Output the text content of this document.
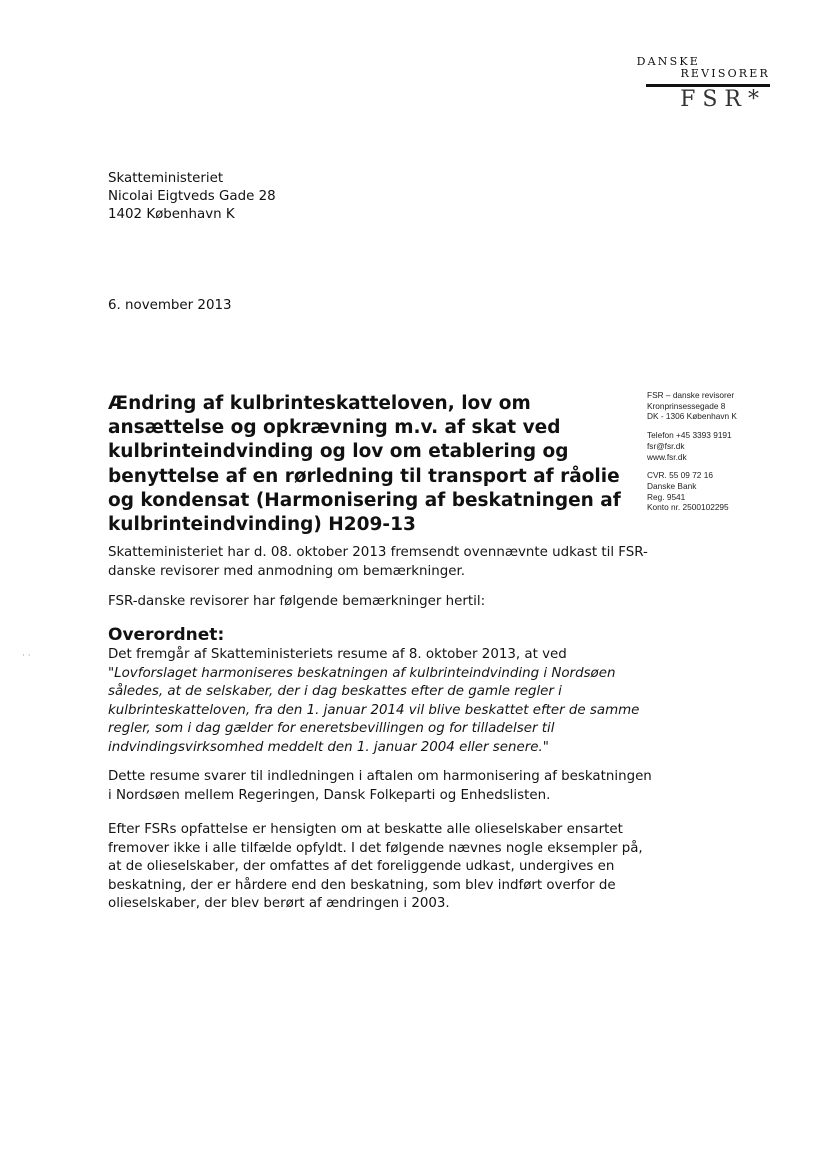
DANSKE
REVISORER
FSR*
Skatteministeriet
Nicolai Eigtveds Gade 28
1402 København K
6. november 2013
FSR – danske revisorer
Kronprinsessegade 8
DK - 1306 København K
Telefon +45 3393 9191
fsr@fsr.dk
www.fsr.dk
CVR. 55 09 72 16
Danske Bank
Reg. 9541
Konto nr. 2500102295
Ændring af kulbrinteskatteloven, lov om
ansættelse og opkrævning m.v. af skat ved
kulbrinteindvinding og lov om etablering og
benyttelse af en rørledning til transport af råolie
og kondensat (Harmonisering af beskatningen af
kulbrinteindvinding) H209-13
Skatteministeriet har d. 08. oktober 2013 fremsendt ovennævnte udkast til FSR-
danske revisorer med anmodning om bemærkninger.
FSR-danske revisorer har følgende bemærkninger hertil:
Overordnet:
Det fremgår af Skatteministeriets resume af 8. oktober 2013, at ved
"Lovforslaget harmoniseres beskatningen af kulbrinteindvinding i Nordsøen
således, at de selskaber, der i dag beskattes efter de gamle regler i
kulbrinteskatteloven, fra den 1. januar 2014 vil blive beskattet efter de samme
regler, som i dag gælder for eneretsbevillingen og for tilladelser til
indvindingsvirksomhed meddelt den 1. januar 2004 eller senere."
Dette resume svarer til indledningen i aftalen om harmonisering af beskatningen
i Nordsøen mellem Regeringen, Dansk Folkeparti og Enhedslisten.
Efter FSRs opfattelse er hensigten om at beskatte alle olieselskaber ensartet
fremover ikke i alle tilfælde opfyldt. I det følgende nævnes nogle eksempler på,
at de olieselskaber, der omfattes af det foreliggende udkast, undergives en
beskatning, der er hårdere end den beskatning, som blev indført overfor de
olieselskaber, der blev berørt af ændringen i 2003.
· ·
